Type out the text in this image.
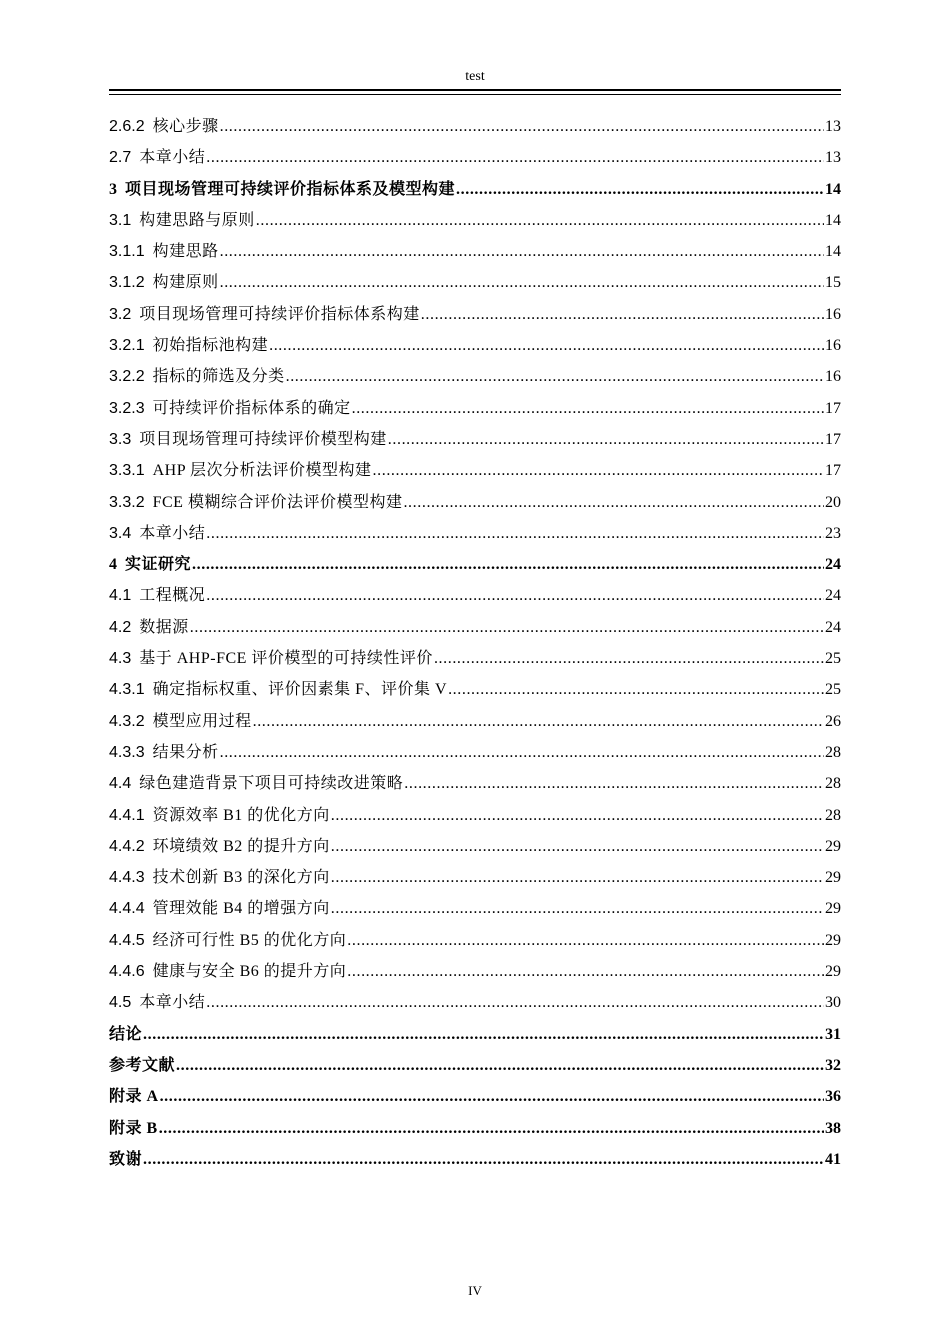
test
2.6.2 核心步骤 .....	13
2.7 本章小结 .....	13
3 项目现场管理可持续评价指标体系及模型构建 .....	14
3.1 构建思路与原则 .....	14
3.1.1 构建思路 .....	14
3.1.2 构建原则 .....	15
3.2 项目现场管理可持续评价指标体系构建 .....	16
3.2.1 初始指标池构建 .....	16
3.2.2 指标的筛选及分类 .....	16
3.2.3 可持续评价指标体系的确定 .....	17
3.3 项目现场管理可持续评价模型构建 .....	17
3.3.1 AHP 层次分析法评价模型构建 .....	17
3.3.2 FCE 模糊综合评价法评价模型构建 .....	20
3.4 本章小结 .....	23
4 实证研究 .....	24
4.1 工程概况 .....	24
4.2 数据源 .....	24
4.3 基于 AHP-FCE 评价模型的可持续性评价 .....	25
4.3.1 确定指标权重、评价因素集 F、评价集 V .....	25
4.3.2 模型应用过程 .....	26
4.3.3 结果分析 .....	28
4.4 绿色建造背景下项目可持续改进策略 .....	28
4.4.1 资源效率 B1 的优化方向 .....	28
4.4.2 环境绩效 B2 的提升方向 .....	29
4.4.3 技术创新 B3 的深化方向 .....	29
4.4.4 管理效能 B4 的增强方向 .....	29
4.4.5 经济可行性 B5 的优化方向 .....	29
4.4.6 健康与安全 B6 的提升方向 .....	29
4.5 本章小结 .....	30
结论 .....	31
参考文献 .....	32
附录 A .....	36
附录 B .....	38
致谢 .....	41
IV
